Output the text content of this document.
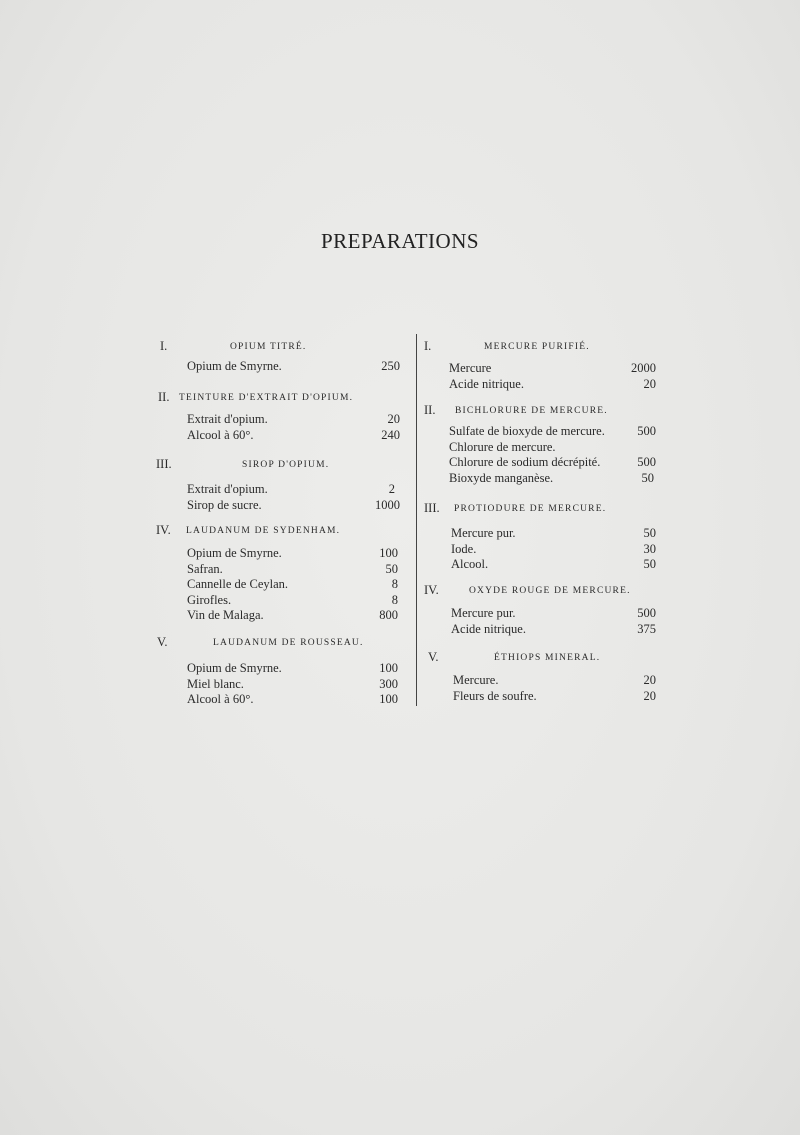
PREPARATIONS
I.	OPIUM TITRÉ.
Opium de Smyrne.	250
II. TEINTURE D'EXTRAIT D'OPIUM.
Extrait d'opium.	20
Alcool à 60°.	240
III.	SIROP D'OPIUM.
Extrait d'opium.	2
Sirop de sucre.	1000
IV. LAUDANUM DE SYDENHAM.
Opium de Smyrne.	100
Safran.	50
Cannelle de Ceylan.	8
Girofles.	8
Vin de Malaga.	800
V.	LAUDANUM DE ROUSSEAU.
Opium de Smyrne.	100
Miel blanc.	300
Alcool à 60°.	100
I.	MERCURE PURIFIÉ.
Mercure	2000
Acide nitrique.	20
II. BICHLORURE DE MERCURE.
Sulfate de bioxyde de mercure.	500
Chlorure de mercure.
Chlorure de sodium décrépité.	500
Bioxyde manganèse.	50
III. PROTIODURE DE MERCURE.
Mercure pur.	50
Iode.	30
Alcool.	50
IV.	OXYDE ROUGE DE MERCURE.
Mercure pur.	500
Acide nitrique.	375
V.	ÉTHIOPS MINERAL.
Mercure.	20
Fleurs de soufre.	20
